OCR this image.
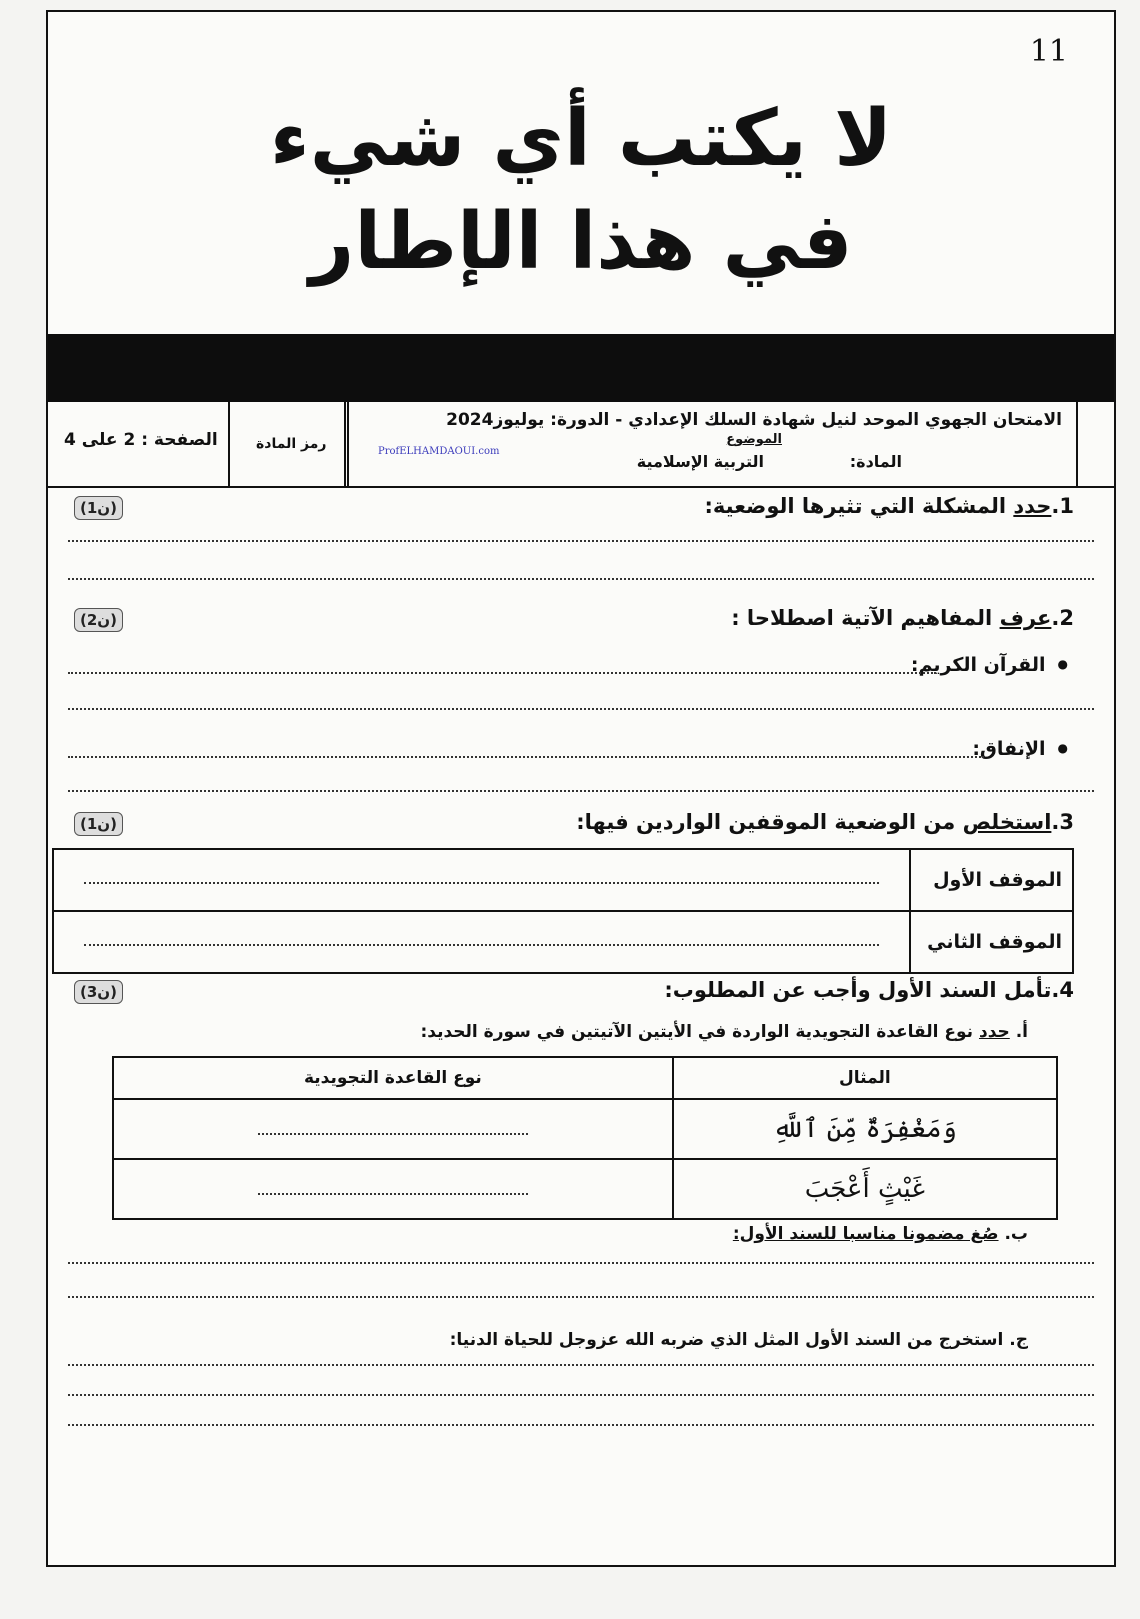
11
لا يكتب أي شيء
في هذا الإطار
الامتحان الجهوي الموحد لنيل شهادة السلك الإعدادي - الدورة: يوليوز2024
الموضوع
المادة:
التربية الإسلامية
ProfELHAMDAOUI.com
رمز المادة
الصفحة : 2 على 4
1.حدد المشكلة التي تثيرها الوضعية:
(1ن)
2.عرف المفاهيم الآتية اصطلاحا :
(2ن)
● القرآن الكريم:
● الإنفاق:
3.استخلص من الوضعية الموقفين الواردين فيها:
(1ن)
	الموقف الأول

	الموقف الثاني
4.تأمل السند الأول وأجب عن المطلوب:
(3ن)
أ. حدد نوع القاعدة التجويدية الواردة في الأيتين الآتيتين في سورة الحديد:
نوع القاعدة التجويدية	المثال
	وَمَغْفِرَةٌ مِّنَ ٱللَّهِ
	غَيْثٍ أَعْجَبَ
ب. صُغ مضمونا مناسبا للسند الأول:
ج. استخرج من السند الأول المثل الذي ضربه الله عزوجل للحياة الدنيا:
